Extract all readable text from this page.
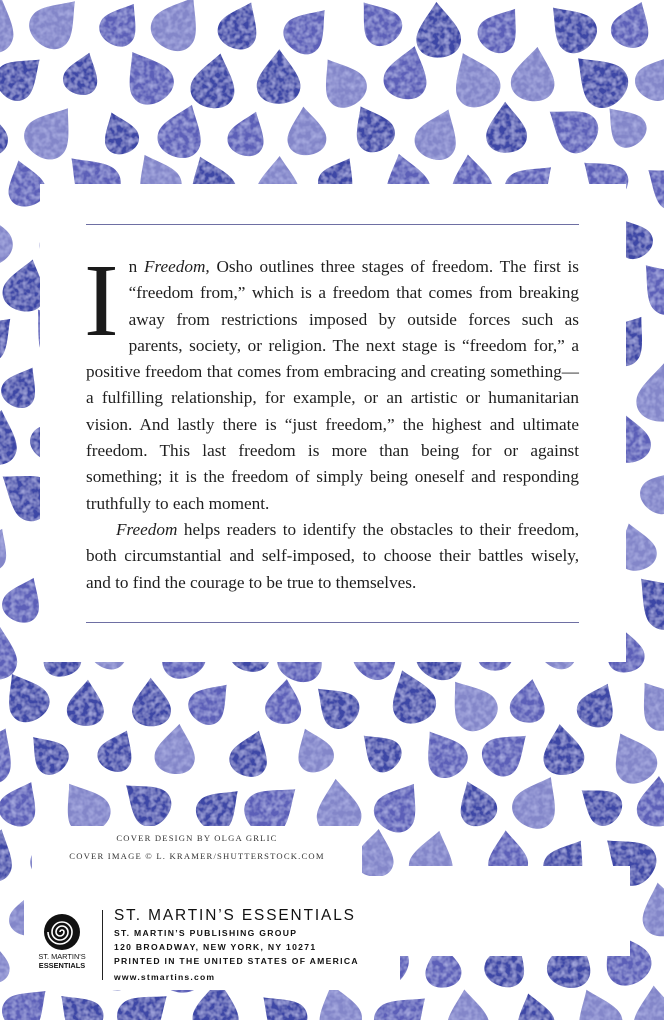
In Freedom, Osho outlines three stages of freedom. The first is “freedom from,” which is a freedom that comes from breaking away from restrictions imposed by outside forces such as parents, society, or religion. The next stage is “freedom for,” a positive freedom that comes from embracing and creating something—a fulfilling relationship, for example, or an artistic or humanitarian vision. And lastly there is “just freedom,” the highest and ultimate freedom. This last freedom is more than being for or against something; it is the freedom of simply being oneself and responding truthfully to each moment.

Freedom helps readers to identify the obstacles to their freedom, both circumstantial and self-imposed, to choose their battles wisely, and to find the courage to be true to themselves.

COVER DESIGN BY OLGA GRLIC
COVER IMAGE © L. KRAMER/SHUTTERSTOCK.COM
ST. MARTIN'S
ESSENTIALS
ST. MARTIN’S ESSENTIALS
ST. MARTIN’S PUBLISHING GROUP
120 BROADWAY, NEW YORK, NY 10271
PRINTED IN THE UNITED STATES OF AMERICA
www.stmartins.com
